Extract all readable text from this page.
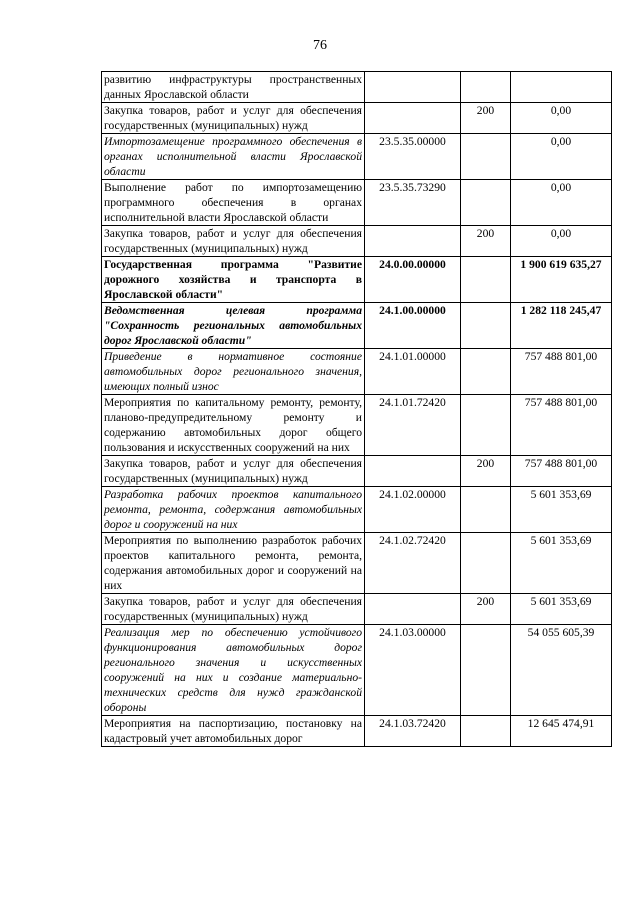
76
развитию инфраструктуры пространственных данных Ярославской области			
Закупка товаров, работ и услуг для обеспечения государственных (муниципальных) нужд		200	0,00
Импортозамещение программного обеспечения в органах исполнительной власти Ярославской области	23.5.35.00000		0,00
Выполнение работ по импортозамещению программного обеспечения в органах исполнительной власти Ярославской области	23.5.35.73290		0,00
Закупка товаров, работ и услуг для обеспечения государственных (муниципальных) нужд		200	0,00
Государственная программа "Развитие дорожного хозяйства и транспорта в Ярославской области"	24.0.00.00000		1 900 619 635,27
Ведомственная целевая программа "Сохранность региональных автомобильных дорог Ярославской области"	24.1.00.00000		1 282 118 245,47
Приведение в нормативное состояние автомобильных дорог регионального значения, имеющих полный износ	24.1.01.00000		757 488 801,00
Мероприятия по капитальному ремонту, ремонту, планово-предупредительному ремонту и содержанию автомобильных дорог общего пользования и искусственных сооружений на них	24.1.01.72420		757 488 801,00
Закупка товаров, работ и услуг для обеспечения государственных (муниципальных) нужд		200	757 488 801,00
Разработка рабочих проектов капитального ремонта, ремонта, содержания автомобильных дорог и сооружений на них	24.1.02.00000		5 601 353,69
Мероприятия по выполнению разработок рабочих проектов капитального ремонта, ремонта, содержания автомобильных дорог и сооружений на них	24.1.02.72420		5 601 353,69
Закупка товаров, работ и услуг для обеспечения государственных (муниципальных) нужд		200	5 601 353,69
Реализация мер по обеспечению устойчивого функционирования автомобильных дорог регионального значения и искусственных сооружений на них и создание материально-технических средств для нужд гражданской обороны	24.1.03.00000		54 055 605,39
Мероприятия на паспортизацию, постановку на кадастровый учет автомобильных дорог	24.1.03.72420		12 645 474,91
